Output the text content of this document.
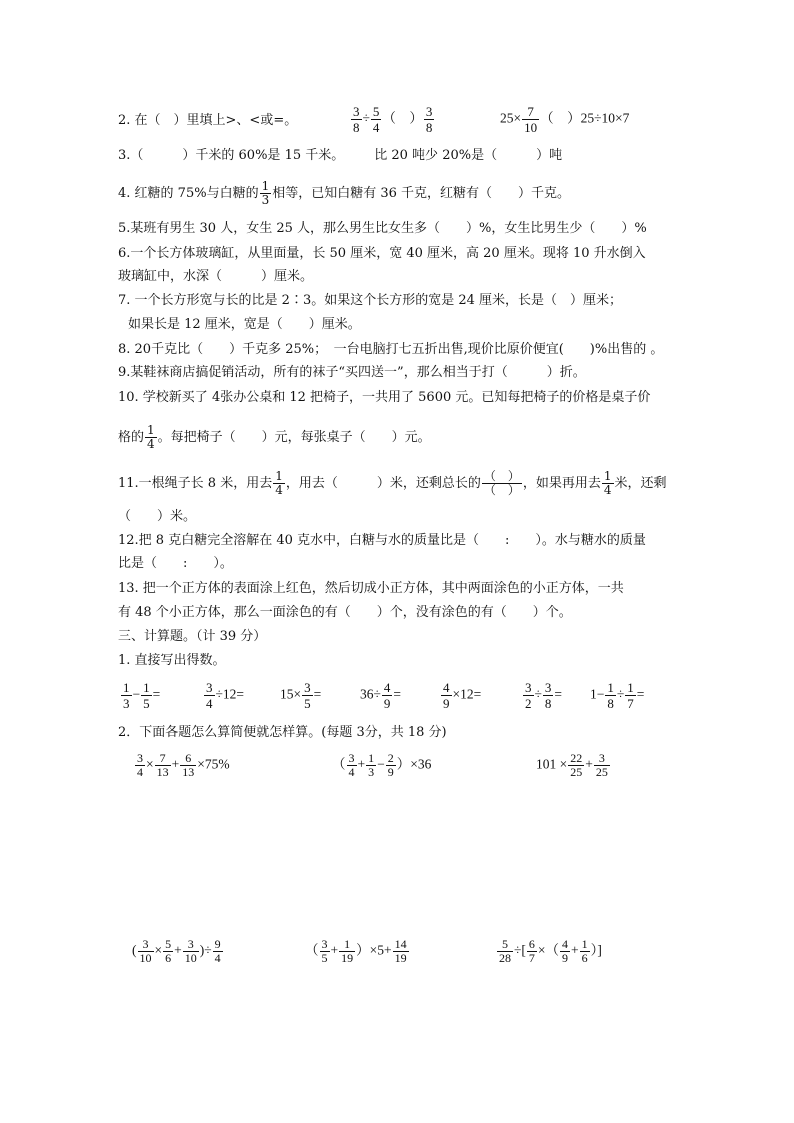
2. 在（　）里填上>、<或=。	$\frac{3}{8} \div \frac{5}{4}$ （　） $\frac{3}{8}$	$25\times \frac{7}{10}$ （　）25÷10×7
3.（　　　）千米的 60%是 15 千米。 比 20 吨少 20%是（　　　）吨
4. 红糖的 75%与白糖的 $\frac{1}{3}$ 相等，已知白糖有 36 千克，红糖有（　　）千克。
5.某班有男生 30 人，女生 25 人，那么男生比女生多（　　）%，女生比男生少（　　）%
6.一个长方体玻璃缸，从里面量，长 50 厘米，宽 40 厘米，高 20 厘米。现将 10 升水倒入
玻璃缸中，水深（　　　）厘米。
7. 一个长方形宽与长的比是 2∶3。如果这个长方形的宽是 24 厘米，长是（　）厘米；
如果长是 12 厘米，宽是（　　）厘米。
8. 20千克比（　　）千克多 25%；　一台电脑打七五折出售,现价比原价便宜(　　)%出售的 。
9.某鞋袜商店搞促销活动，所有的袜子“买四送一”，那么相当于打（　　　）折。
10. 学校新买了 4张办公桌和 12 把椅子，一共用了 5600 元。已知每把椅子的价格是桌子价
格的 $\frac{1}{4}$ 。每把椅子（　　）元，每张桌子（　　）元。
11.一根绳子长 8 米，用去 $\frac{1}{4}$ ，用去（　　　）米，还剩总长的 （　）
（　） ，如果再用去 $\frac{1}{4}$ 米，还剩
（　　）米。
12.把 8 克白糖完全溶解在 40 克水中，白糖与水的质量比是（　　:　　）。水与糖水的质量
比是（　　:　　）。
13. 把一个正方体的表面涂上红色，然后切成小正方体，其中两面涂色的小正方体，一共
有 48 个小正方体，那么一面涂色的有（　　）个，没有涂色的有（　　）个。
三、计算题。（计 39 分）
1. 直接写出得数。
$\frac{1}{3} - \frac{1}{5}$ =	$\frac{3}{4} \div 12=$	$15\times \frac{3}{5}$ =	$36\div \frac{4}{9}$ =	$\frac{4}{9} \times 12=$	$\frac{3}{2} \div \frac{3}{8} = 1- \frac{1}{8} \div \frac{1}{7}$ =
2．下面各题怎么算简便就怎样算。(每题 3分，共 18 分)
$\frac{3}{4} \times \frac{7}{13} + \frac{6}{13} \times 75\%$	（ $\frac{3}{4} + \frac{1}{3} - \frac{2}{9} )\times 36$	$101 \times \frac{22}{25} + \frac{3}{25}$
( $\frac{3}{10} \times \frac{5}{6} + \frac{3}{10}$ )÷ $\frac{9}{4}$	（ $\frac{3}{5} + \frac{1}{19} )\times 5+ \frac{14}{19}$	$\frac{5}{28}$ ÷[ $\frac{6}{7}$ ×（ $\frac{4}{9} + \frac{1}{6}$ ）]
